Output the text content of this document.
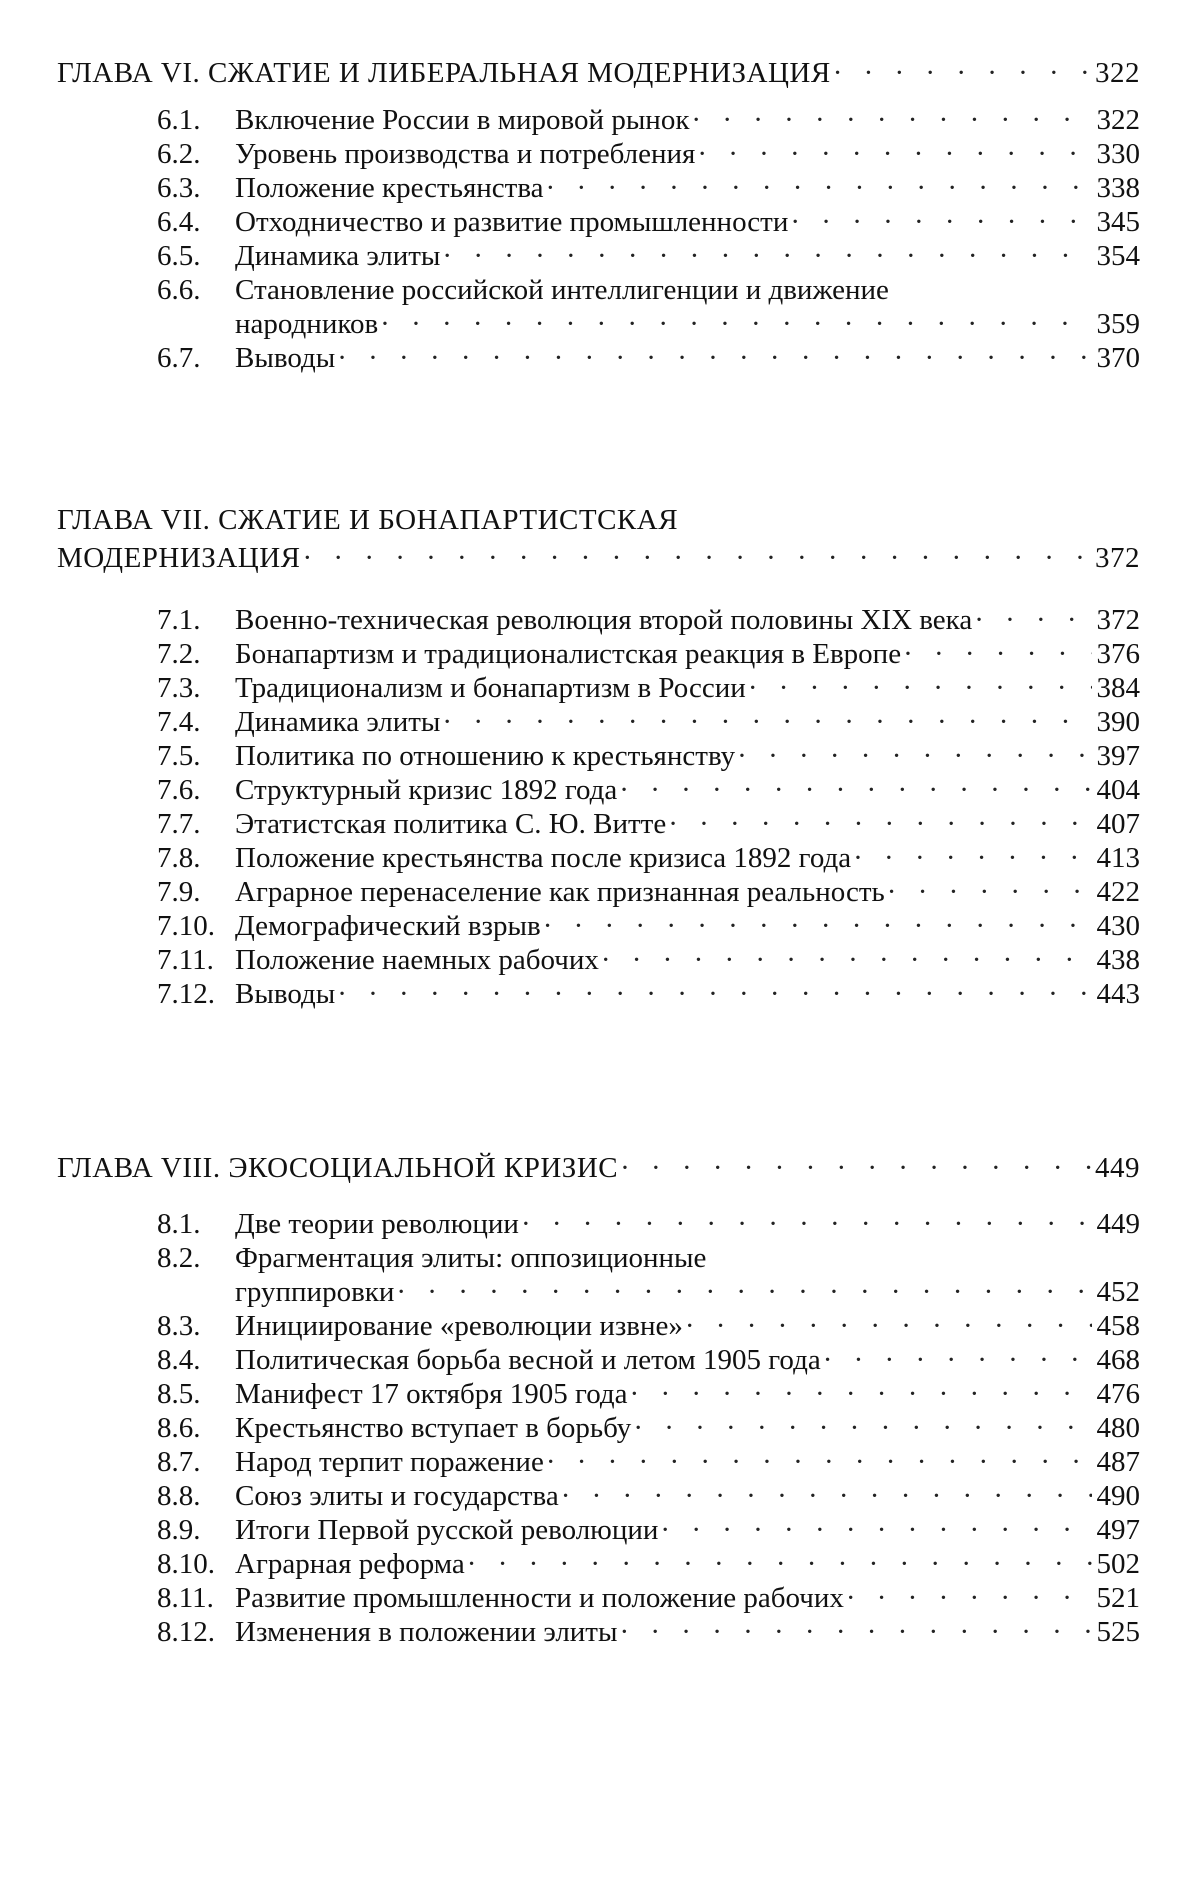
ГЛАВА VI. СЖАТИЕ И ЛИБЕРАЛЬНАЯ МОДЕРНИЗАЦИЯ · · ·	322
6.1. Включение России в мировой рынок · · ·	322
6.2. Уровень производства и потребления · · ·	330
6.3. Положение крестьянства · · ·	338
6.4. Отходничество и развитие промышленности · · ·	345
6.5. Динамика элиты · · ·	354
6.6. Становление российской интеллигенции и движение
народников · · ·	359
6.7. Выводы · · ·	370
ГЛАВА VII. СЖАТИЕ И БОНАПАРТИСТСКАЯ
МОДЕРНИЗАЦИЯ · · ·	372
7.1. Военно-техническая революция второй половины XIX века · · ·	372
7.2. Бонапартизм и традиционалистская реакция в Европе · · ·	376
7.3. Традиционализм и бонапартизм в России · · ·	384
7.4. Динамика элиты · · ·	390
7.5. Политика по отношению к крестьянству · · ·	397
7.6. Структурный кризис 1892 года · · ·	404
7.7. Этатистская политика С. Ю. Витте · · ·	407
7.8. Положение крестьянства после кризиса 1892 года · · ·	413
7.9. Аграрное перенаселение как признанная реальность · · ·	422
7.10. Демографический взрыв · · ·	430
7.11. Положение наемных рабочих · · ·	438
7.12. Выводы · · ·	443
ГЛАВА VIII. ЭКОСОЦИАЛЬНОЙ КРИЗИС · · ·	449
8.1. Две теории революции · · ·	449
8.2. Фрагментация элиты: оппозиционные
группировки · · ·	452
8.3. Инициирование «революции извне» · · ·	458
8.4. Политическая борьба весной и летом 1905 года · · ·	468
8.5. Манифест 17 октября 1905 года · · ·	476
8.6. Крестьянство вступает в борьбу · · ·	480
8.7. Народ терпит поражение · · ·	487
8.8. Союз элиты и государства · · ·	490
8.9. Итоги Первой русской революции · · ·	497
8.10. Аграрная реформа · · ·	502
8.11. Развитие промышленности и положение рабочих · · ·	521
8.12. Изменения в положении элиты · · ·	525
